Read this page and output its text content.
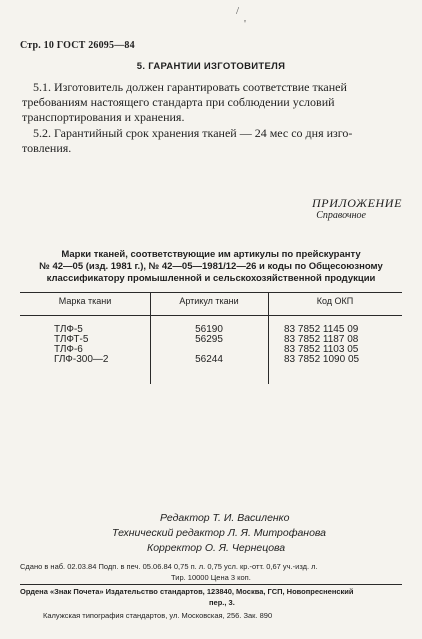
/
'
Стр. 10 ГОСТ 26095—84
5. ГАРАНТИИ ИЗГОТОВИТЕЛЯ
5.1. Изготовитель должен гарантировать соответствие тканей
требованиям настоящего стандарта при соблюдении условий
транспортирования и хранения.
5.2. Гарантийный срок хранения тканей — 24 мес со дня изго-
товления.
ПРИЛОЖЕНИЕ
Справочное
Марки тканей, соответствующие им артикулы по прейскуранту
№ 42—05 (изд. 1981 г.), № 42—05—1981/12—26 и коды по Общесоюзному
классификатору промышленной и сельскохозяйственной продукции
Марка ткани	Артикул ткани	Код ОКП
ТЛФ-5
ТЛФТ-5
ТЛФ-6
ГЛФ-300—2
56190
56295
56244
83 7852 1145 09
83 7852 1187 08
83 7852 1103 05
83 7852 1090 05
Редактор Т. И. Василенко
Технический редактор Л. Я. Митрофанова
Корректор О. Я. Чернецова
Сдано в наб. 02.03.84 Подп. в печ. 05.06.84 0,75 п. л. 0,75 усл. кр.-отт. 0,67 уч.-изд. л.
Тир. 10000 Цена 3 коп.
Ордена «Знак Почета» Издательство стандартов, 123840, Москва, ГСП, Новопресненский
пер., 3.
Калужская типография стандартов, ул. Московская, 256. Зак. 890
